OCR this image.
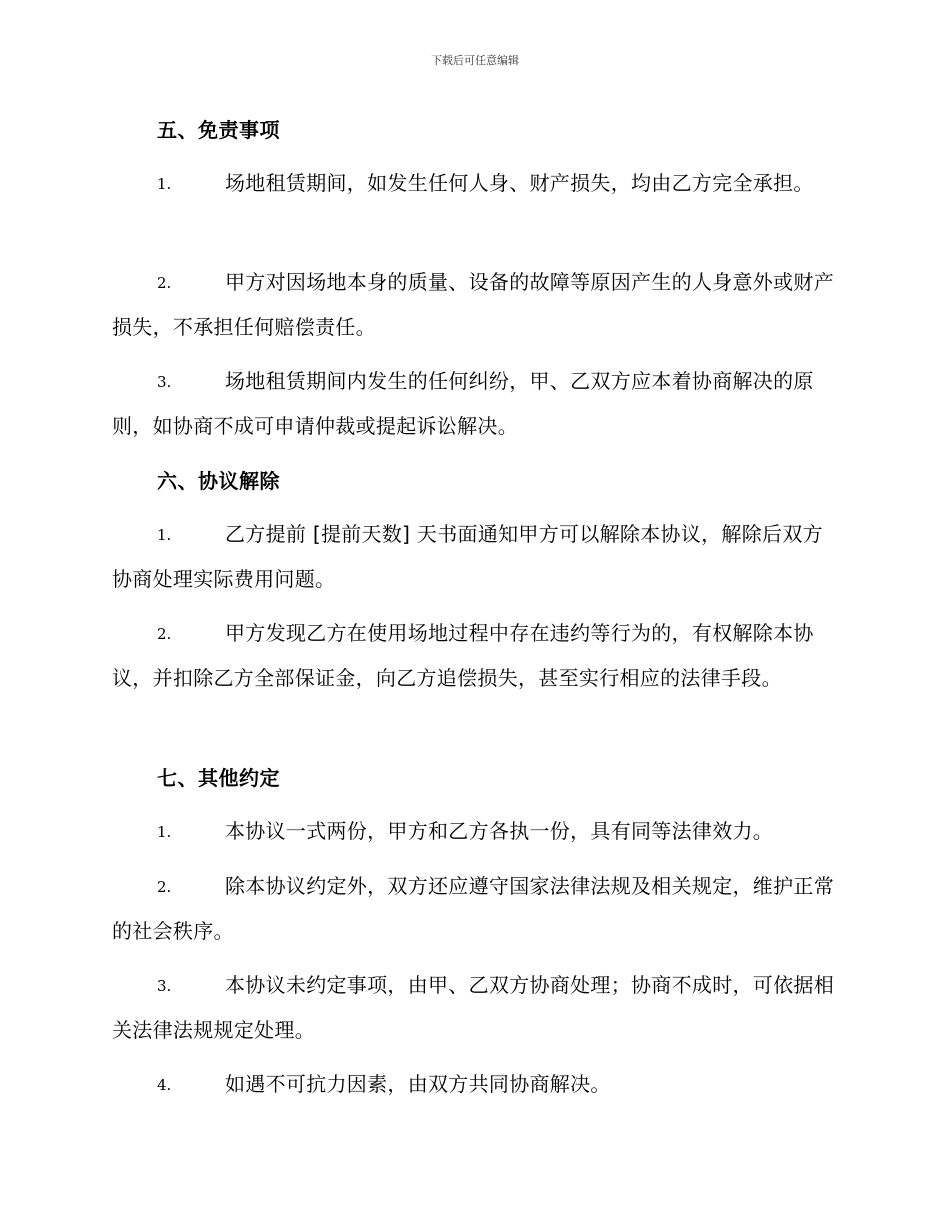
下载后可任意编辑
五、免责事项
1.	场地租赁期间，如发生任何人身、财产损失，均由乙方完全承担。
2.	甲方对因场地本身的质量、设备的故障等原因产生的人身意外或财产损失，不承担任何赔偿责任。
3.	场地租赁期间内发生的任何纠纷，甲、乙双方应本着协商解决的原则，如协商不成可申请仲裁或提起诉讼解决。
六、协议解除
1.	乙方提前 [提前天数] 天书面通知甲方可以解除本协议，解除后双方协商处理实际费用问题。
2.	甲方发现乙方在使用场地过程中存在违约等行为的，有权解除本协议，并扣除乙方全部保证金，向乙方追偿损失，甚至实行相应的法律手段。
七、其他约定
1.	本协议一式两份，甲方和乙方各执一份，具有同等法律效力。
2.	除本协议约定外，双方还应遵守国家法律法规及相关规定，维护正常的社会秩序。
3.	本协议未约定事项，由甲、乙双方协商处理；协商不成时，可依据相关法律法规规定处理。
4.	如遇不可抗力因素，由双方共同协商解决。
